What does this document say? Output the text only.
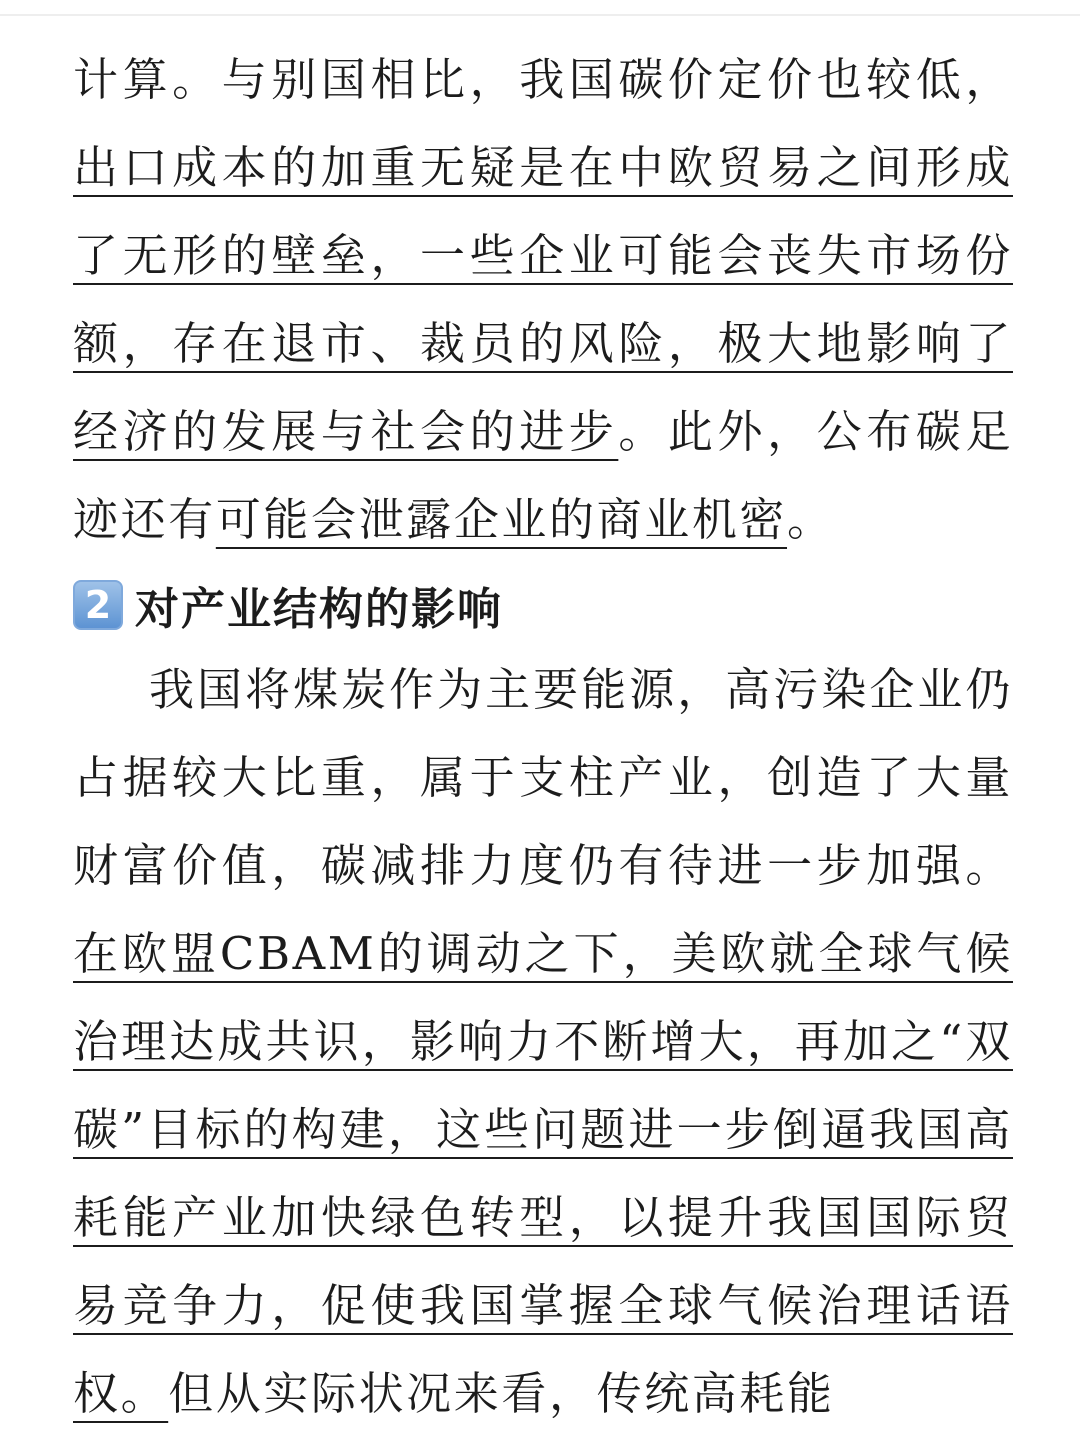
计算。与别国相比，我国碳价定价也较低，出口成本的加重无疑是在中欧贸易之间形成了无形的壁垒，一些企业可能会丧失市场份额，存在退市、裁员的风险，极大地影响了经济的发展与社会的进步。此外，公布碳足迹还有可能会泄露企业的商业机密。

2 对产业结构的影响

我国将煤炭作为主要能源，高污染企业仍占据较大比重，属于支柱产业，创造了大量财富价值，碳减排力度仍有待进一步加强。在欧盟CBAM的调动之下，美欧就全球气候治理达成共识，影响力不断增大，再加之“双碳”目标的构建，这些问题进一步倒逼我国高耗能产业加快绿色转型，以提升我国国际贸易竞争力，促使我国掌握全球气候治理话语权。但从实际状况来看，传统高耗能
